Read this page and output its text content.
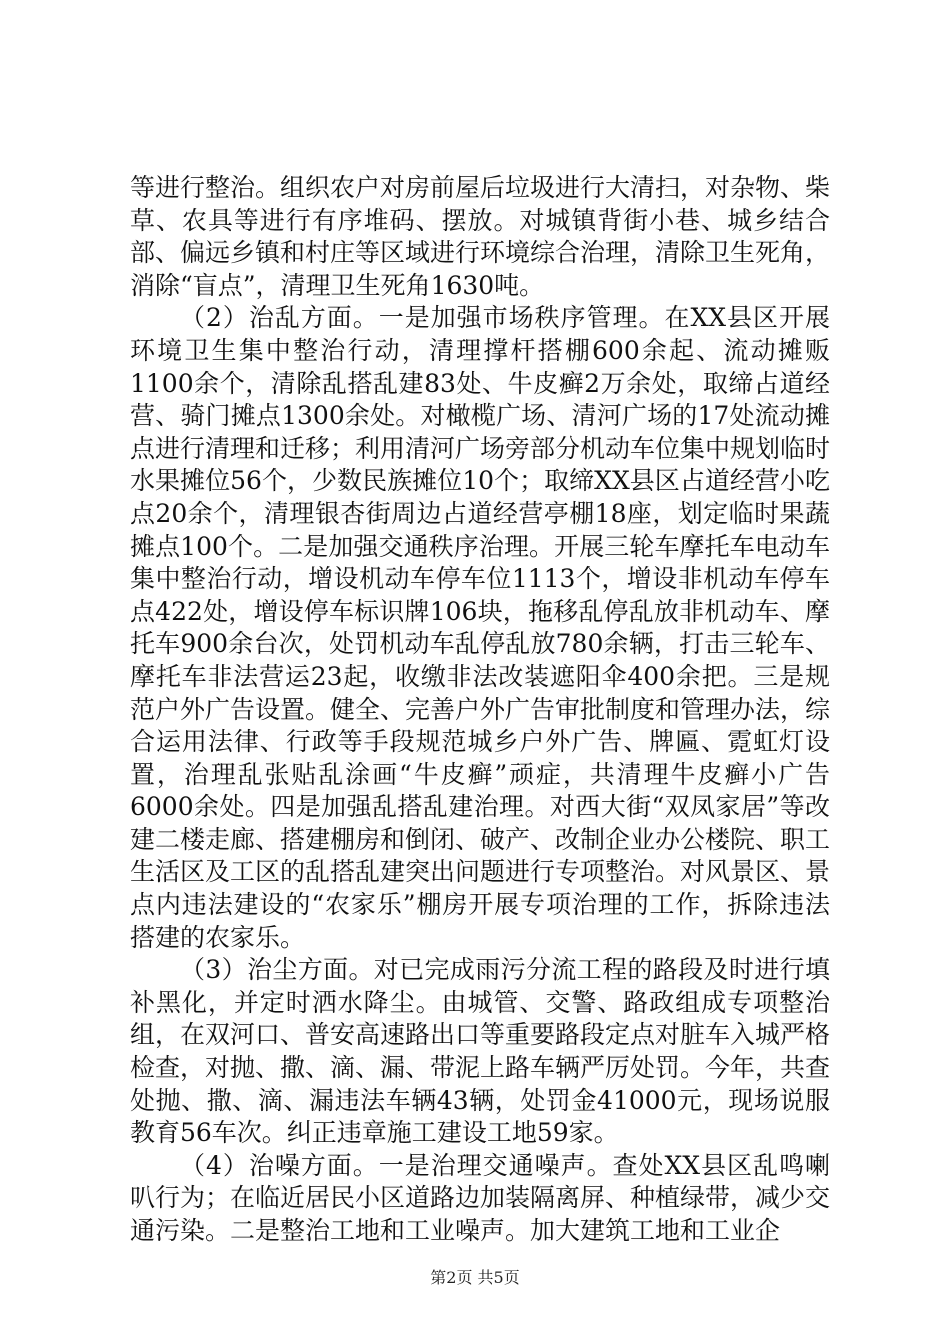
等进行整治。组织农户对房前屋后垃圾进行大清扫，对杂物、柴草、农具等进行有序堆码、摆放。对城镇背街小巷、城乡结合部、偏远乡镇和村庄等区域进行环境综合治理，清除卫生死角，消除“盲点”，清理卫生死角1630吨。

（2）治乱方面。一是加强市场秩序管理。在XX县区开展环境卫生集中整治行动，清理撑杆搭棚600余起、流动摊贩1100余个，清除乱搭乱建83处、牛皮癣2万余处，取缔占道经营、骑门摊点1300余处。对橄榄广场、清河广场的17处流动摊点进行清理和迁移；利用清河广场旁部分机动车位集中规划临时水果摊位56个，少数民族摊位10个；取缔XX县区占道经营小吃点20余个，清理银杏街周边占道经营亭棚18座，划定临时果蔬摊点100个。二是加强交通秩序治理。开展三轮车摩托车电动车集中整治行动，增设机动车停车位1113个，增设非机动车停车点422处，增设停车标识牌106块，拖移乱停乱放非机动车、摩托车900余台次，处罚机动车乱停乱放780余辆，打击三轮车、摩托车非法营运23起，收缴非法改装遮阳伞400余把。三是规范户外广告设置。健全、完善户外广告审批制度和管理办法，综合运用法律、行政等手段规范城乡户外广告、牌匾、霓虹灯设置，治理乱张贴乱涂画“牛皮癣”顽症，共清理牛皮癣小广告6000余处。四是加强乱搭乱建治理。对西大街“双凤家居”等改建二楼走廊、搭建棚房和倒闭、破产、改制企业办公楼院、职工生活区及工区的乱搭乱建突出问题进行专项整治。对风景区、景点内违法建设的“农家乐”棚房开展专项治理的工作，拆除违法搭建的农家乐。

（3）治尘方面。对已完成雨污分流工程的路段及时进行填补黑化，并定时洒水降尘。由城管、交警、路政组成专项整治组，在双河口、普安高速路出口等重要路段定点对脏车入城严格检查，对抛、撒、滴、漏、带泥上路车辆严厉处罚。今年，共查处抛、撒、滴、漏违法车辆43辆，处罚金41000元，现场说服教育56车次。纠正违章施工建设工地59家。

（4）治噪方面。一是治理交通噪声。查处XX县区乱鸣喇叭行为；在临近居民小区道路边加装隔离屏、种植绿带，减少交通污染。二是整治工地和工业噪声。加大建筑工地和工业企

第2页 共5页
